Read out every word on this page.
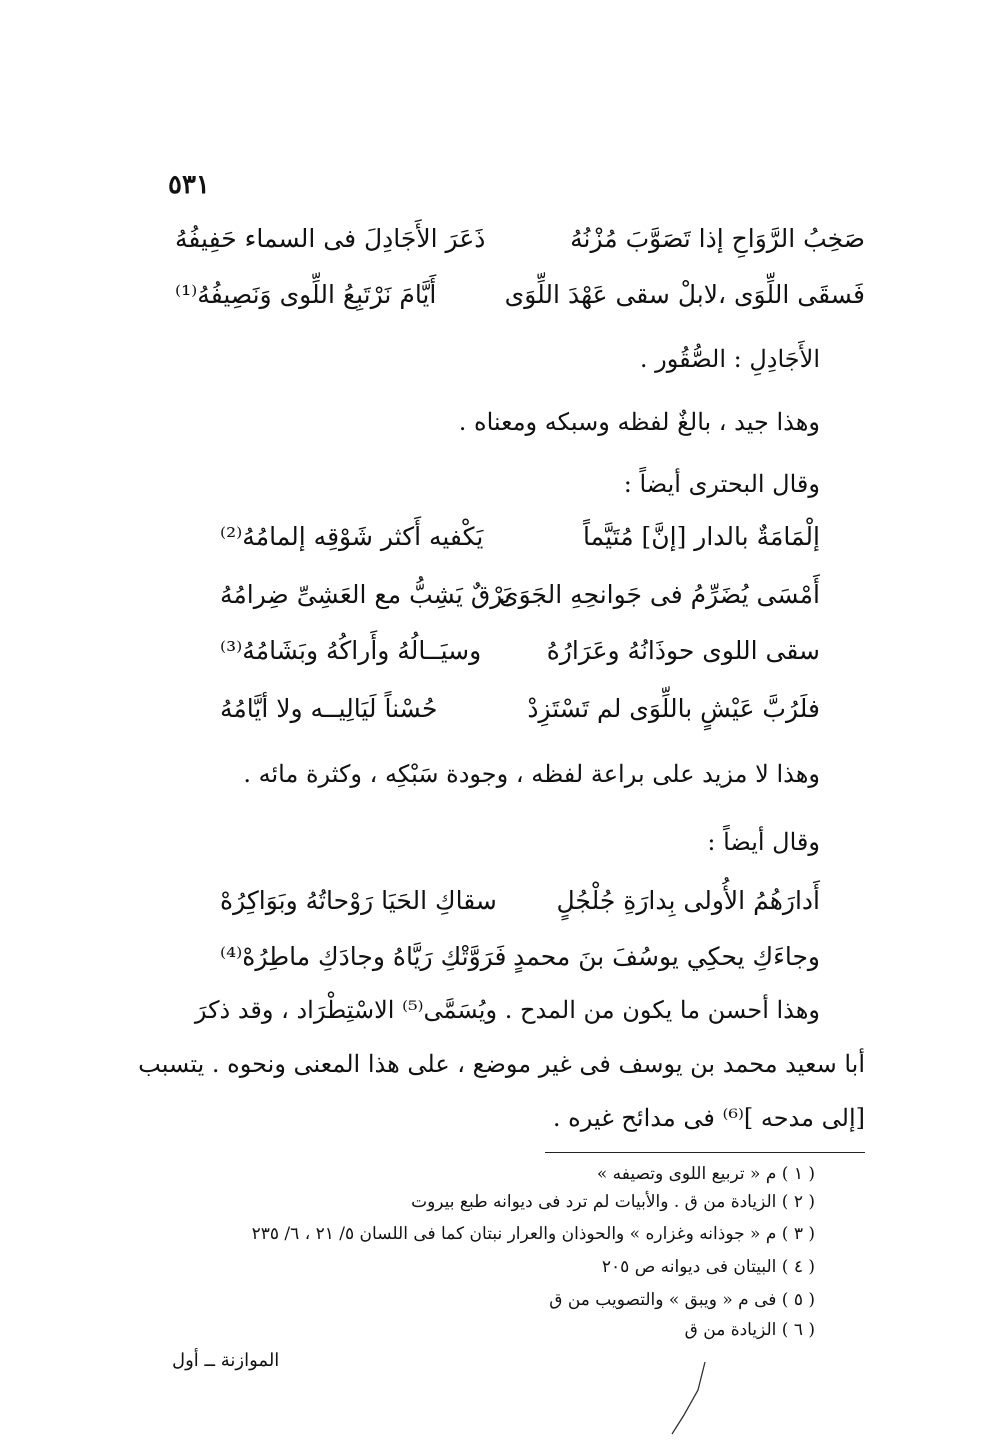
٥٣١
صَخِبُ الرَّوَاحِ إذا تَصَوَّبَ مُزْنُهُ
ذَعَرَ الأَجَادِلَ فى السماء حَفِيفُهُ
فَسقَى اللِّوَى ،لابلْ سقى عَهْدَ اللِّوَى
أَيَّامَ نَرْتَبِعُ اللِّوى وَنَصِيفُهُ⁽¹⁾
الأَجَادِلِ : الصُّقُور .
وهذا جيد ، بالغٌ لفظه وسبكه ومعناه .
وقال البحترى أيضاً :
إلْمَامَةٌ بالدار [إنَّ] مُتَيَّماً
يَكْفيه أَكثر شَوْقِه إلمامُهُ⁽²⁾
أَمْسَى يُضَرِّمُ فى جَوانحِهِ الجَوَى
بَرْقٌ يَشِبُّ مع العَشِىِّ ضِرامُهُ
سقى اللوى حوذَانُهُ وعَرَارُهُ
وسيَــالُهُ وأَراكُهُ وبَشَامُهُ⁽³⁾
فلَرُبَّ عَيْشٍ باللِّوَى لم تَسْتَزِدْ
حُسْناً لَيَالِيــه ولا أيَّامُهُ
وهذا لا مزيد على براعة لفظه ، وجودة سَبْكِه ، وكثرة مائه .
وقال أيضاً :
أَدارَهُمُ الأُولى بِدارَةِ جُلْجُلٍ
سقاكِ الحَيَا رَوْحاتُهُ وبَوَاكِرُهْ
وجاءَكِ يحكِي يوسُفَ بنَ محمدٍ
فَرَوَّتْكِ رَيَّاهُ وجادَكِ ماطِرُهْ⁽⁴⁾
وهذا أحسن ما يكون من المدح . ويُسَمَّى⁽⁵⁾ الاسْتِطْرَاد ، وقد ذكرَ
أبا سعيد محمد بن يوسف فى غير موضع ، على هذا المعنى ونحوه . يتسبب
[إلى مدحه ]⁽⁶⁾ فى مدائح غيره .
( ١ ) م « تربيع اللوى وتصيفه »
( ٢ ) الزيادة من ق . والأبيات لم ترد فى ديوانه طبع بيروت
( ٣ ) م « جوذانه وغزاره » والحوذان والعرار نبتان كما فى اللسان ٥/ ٢١ ، ٦/ ٢٣٥
( ٤ ) البيتان فى ديوانه ص ٢٠٥
( ٥ ) فى م « ويبق » والتصويب من ق
( ٦ ) الزيادة من ق
الموازنة ــ أول
